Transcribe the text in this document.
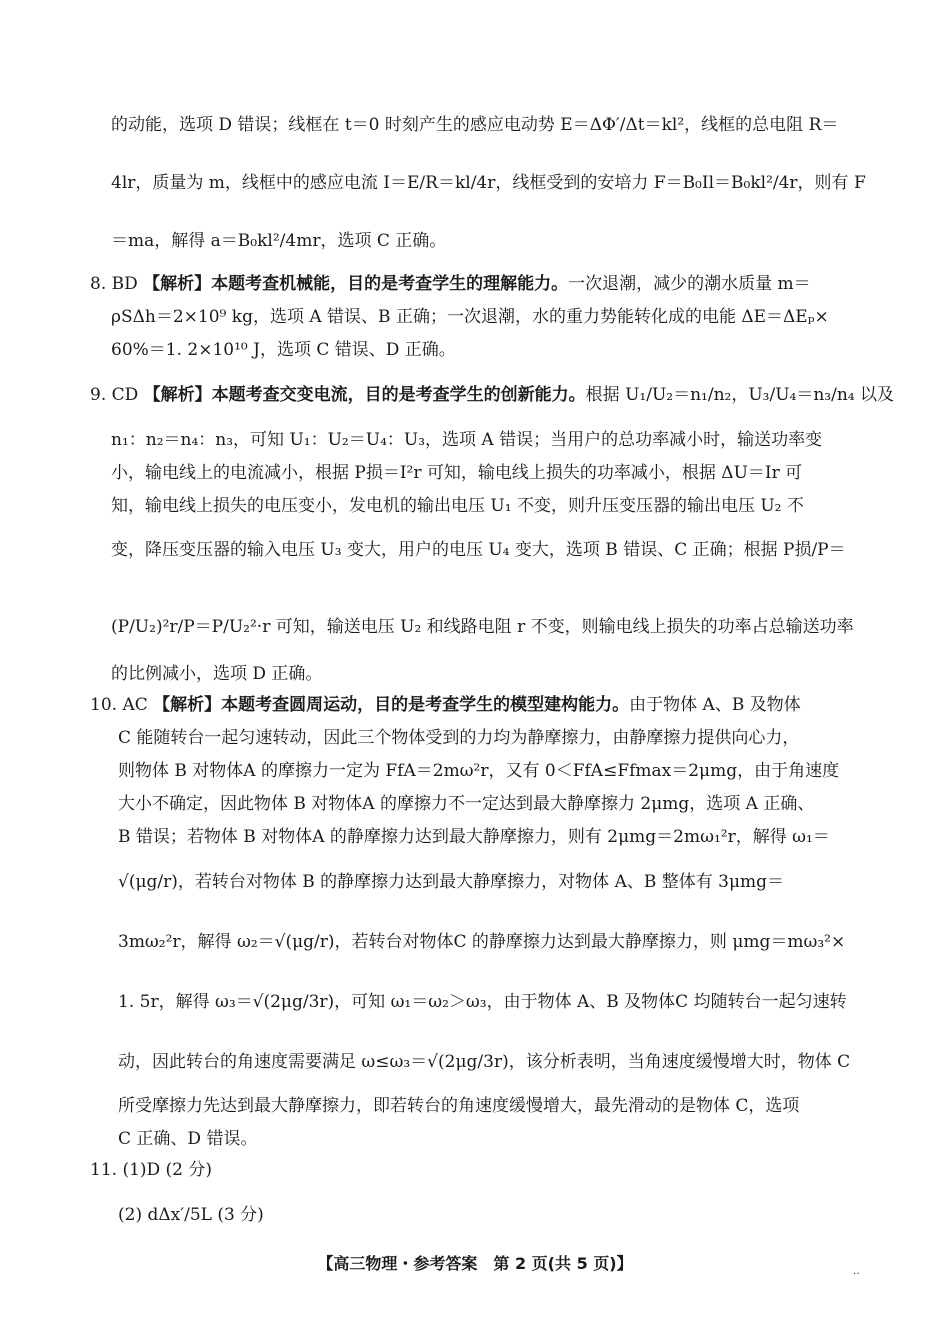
的动能，选项 D 错误；线框在 t＝0 时刻产生的感应电动势 E＝ΔΦ′/Δt＝kl²，线框的总电阻 R＝
4lr，质量为 m，线框中的感应电流 I＝E/R＝kl/4r，线框受到的安培力 F＝B₀Il＝B₀kl²/4r，则有 F
＝ma，解得 a＝B₀kl²/4mr，选项 C 正确。
8. BD 【解析】本题考查机械能，目的是考查学生的理解能力。一次退潮，减少的潮水质量 m＝
ρSΔh＝2×10⁹ kg，选项 A 错误、B 正确；一次退潮，水的重力势能转化成的电能 ΔE＝ΔEₚ×
60%＝1. 2×10¹⁰ J，选项 C 错误、D 正确。
9. CD 【解析】本题考查交变电流，目的是考查学生的创新能力。根据 U₁/U₂＝n₁/n₂，U₃/U₄＝n₃/n₄ 以及
n₁：n₂＝n₄：n₃，可知 U₁：U₂＝U₄：U₃，选项 A 错误；当用户的总功率减小时，输送功率变
小，输电线上的电流减小，根据 P损＝I²r 可知，输电线上损失的功率减小，根据 ΔU＝Ir 可
知，输电线上损失的电压变小，发电机的输出电压 U₁ 不变，则升压变压器的输出电压 U₂ 不
变，降压变压器的输入电压 U₃ 变大，用户的电压 U₄ 变大，选项 B 错误、C 正确；根据 P损/P＝
(P/U₂)²r/P＝P/U₂²·r 可知，输送电压 U₂ 和线路电阻 r 不变，则输电线上损失的功率占总输送功率
的比例减小，选项 D 正确。
10. AC 【解析】本题考查圆周运动，目的是考查学生的模型建构能力。由于物体 A、B 及物体
C 能随转台一起匀速转动，因此三个物体受到的力均为静摩擦力，由静摩擦力提供向心力，
则物体 B 对物体A 的摩擦力一定为 FfA＝2mω²r，又有 0＜FfA≤Ffmax＝2μmg，由于角速度
大小不确定，因此物体 B 对物体A 的摩擦力不一定达到最大静摩擦力 2μmg，选项 A 正确、
B 错误；若物体 B 对物体A 的静摩擦力达到最大静摩擦力，则有 2μmg＝2mω₁²r，解得 ω₁＝
√(μg/r)，若转台对物体 B 的静摩擦力达到最大静摩擦力，对物体 A、B 整体有 3μmg＝
3mω₂²r，解得 ω₂＝√(μg/r)，若转台对物体C 的静摩擦力达到最大静摩擦力，则 μmg＝mω₃²×
1. 5r，解得 ω₃＝√(2μg/3r)，可知 ω₁＝ω₂＞ω₃，由于物体 A、B 及物体C 均随转台一起匀速转
动，因此转台的角速度需要满足 ω≤ω₃＝√(2μg/3r)，该分析表明，当角速度缓慢增大时，物体 C
所受摩擦力先达到最大静摩擦力，即若转台的角速度缓慢增大，最先滑动的是物体 C，选项
C 正确、D 错误。
11. (1)D (2 分)
(2) dΔx′/5L (3 分)
【高三物理・参考答案　第 2 页(共 5 页)】	‥
